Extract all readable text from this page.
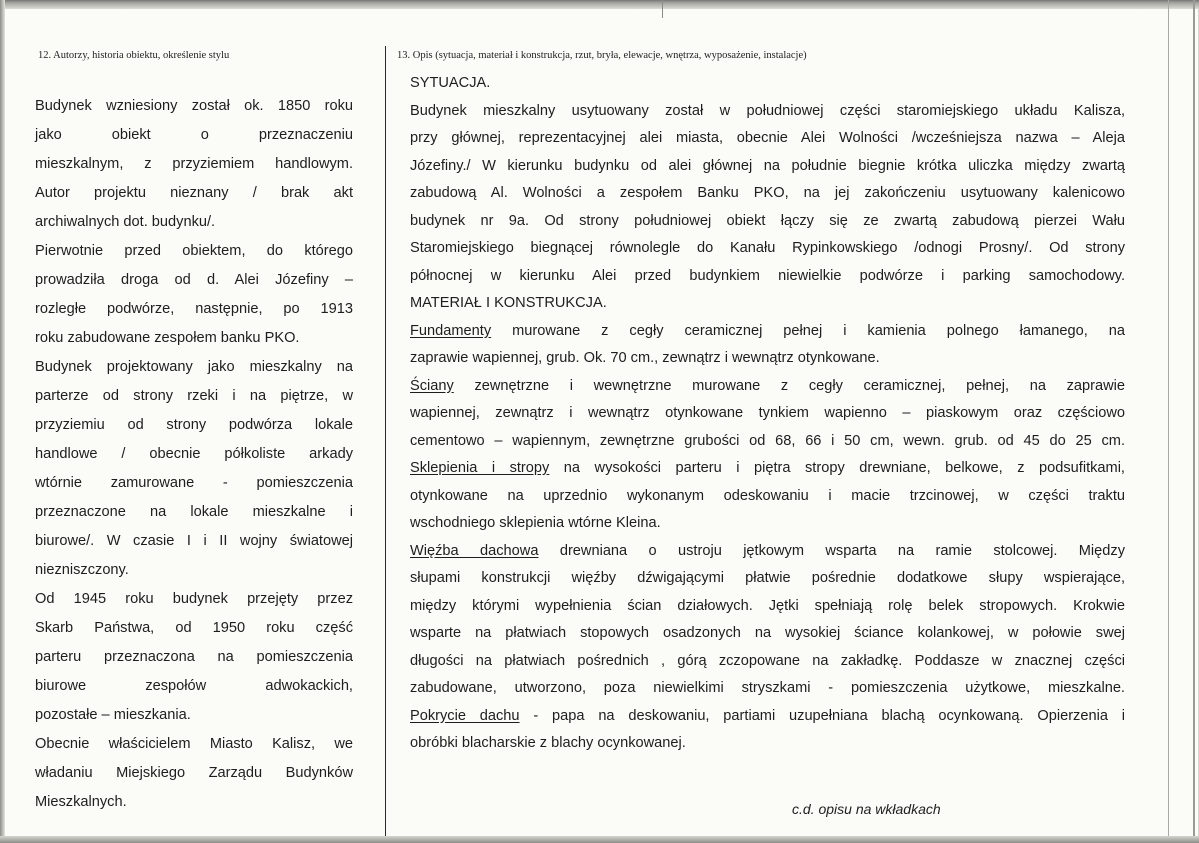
12. Autorzy, historia obiektu, określenie stylu	13. Opis (sytuacja, materiał i konstrukcja, rzut, bryła, elewacje, wnętrza, wyposażenie, instalacje)
Budynek wzniesiony został ok. 1850 roku
jako obiekt o przeznaczeniu
mieszkalnym, z przyziemiem handlowym.
Autor projektu nieznany / brak akt
archiwalnych dot. budynku/.
Pierwotnie przed obiektem, do którego
prowadziła droga od d. Alei Józefiny –
rozległe podwórze, następnie, po 1913
roku zabudowane zespołem banku PKO.
Budynek projektowany jako mieszkalny na
parterze od strony rzeki i na piętrze, w
przyziemiu od strony podwórza lokale
handlowe / obecnie półkoliste arkady
wtórnie zamurowane - pomieszczenia
przeznaczone na lokale mieszkalne i
biurowe/. W czasie I i II wojny światowej
niezniszczony.
Od 1945 roku budynek przejęty przez
Skarb Państwa, od 1950 roku część
parteru przeznaczona na pomieszczenia
biurowe zespołów adwokackich,
pozostałe – mieszkania.
Obecnie właścicielem Miasto Kalisz, we
władaniu Miejskiego Zarządu Budynków
Mieszkalnych.
SYTUACJA.
Budynek mieszkalny usytuowany został w południowej części staromiejskiego układu Kalisza,
przy głównej, reprezentacyjnej alei miasta, obecnie Alei Wolności /wcześniejsza nazwa – Aleja
Józefiny./ W kierunku budynku od alei głównej na południe biegnie krótka uliczka między zwartą
zabudową Al. Wolności a zespołem Banku PKO, na jej zakończeniu usytuowany kalenicowo
budynek nr 9a. Od strony południowej obiekt łączy się ze zwartą zabudową pierzei Wału
Staromiejskiego biegnącej równolegle do Kanału Rypinkowskiego /odnogi Prosny/. Od strony
północnej w kierunku Alei przed budynkiem niewielkie podwórze i parking samochodowy.
MATERIAŁ I KONSTRUKCJA.
Fundamenty murowane z cegły ceramicznej pełnej i kamienia polnego łamanego, na
zaprawie wapiennej, grub. Ok. 70 cm., zewnątrz i wewnątrz otynkowane.
Ściany zewnętrzne i wewnętrzne murowane z cegły ceramicznej, pełnej, na zaprawie
wapiennej, zewnątrz i wewnątrz otynkowane tynkiem wapienno – piaskowym oraz częściowo
cementowo – wapiennym, zewnętrzne grubości od 68, 66 i 50 cm, wewn. grub. od 45 do 25 cm.
Sklepienia i stropy na wysokości parteru i piętra stropy drewniane, belkowe, z podsufitkami,
otynkowane na uprzednio wykonanym odeskowaniu i macie trzcinowej, w części traktu
wschodniego sklepienia wtórne Kleina.
Więźba dachowa drewniana o ustroju jętkowym wsparta na ramie stolcowej. Między
słupami konstrukcji więźby dźwigającymi płatwie pośrednie dodatkowe słupy wspierające,
między którymi wypełnienia ścian działowych. Jętki spełniają rolę belek stropowych. Krokwie
wsparte na płatwiach stopowych osadzonych na wysokiej ściance kolankowej, w połowie swej
długości na płatwiach pośrednich , górą zczopowane na zakładkę. Poddasze w znacznej części
zabudowane, utworzono, poza niewielkimi stryszkami - pomieszczenia użytkowe, mieszkalne.
Pokrycie dachu - papa na deskowaniu, partiami uzupełniana blachą ocynkowaną. Opierzenia i
obróbki blacharskie z blachy ocynkowanej.
c.d. opisu na wkładkach
